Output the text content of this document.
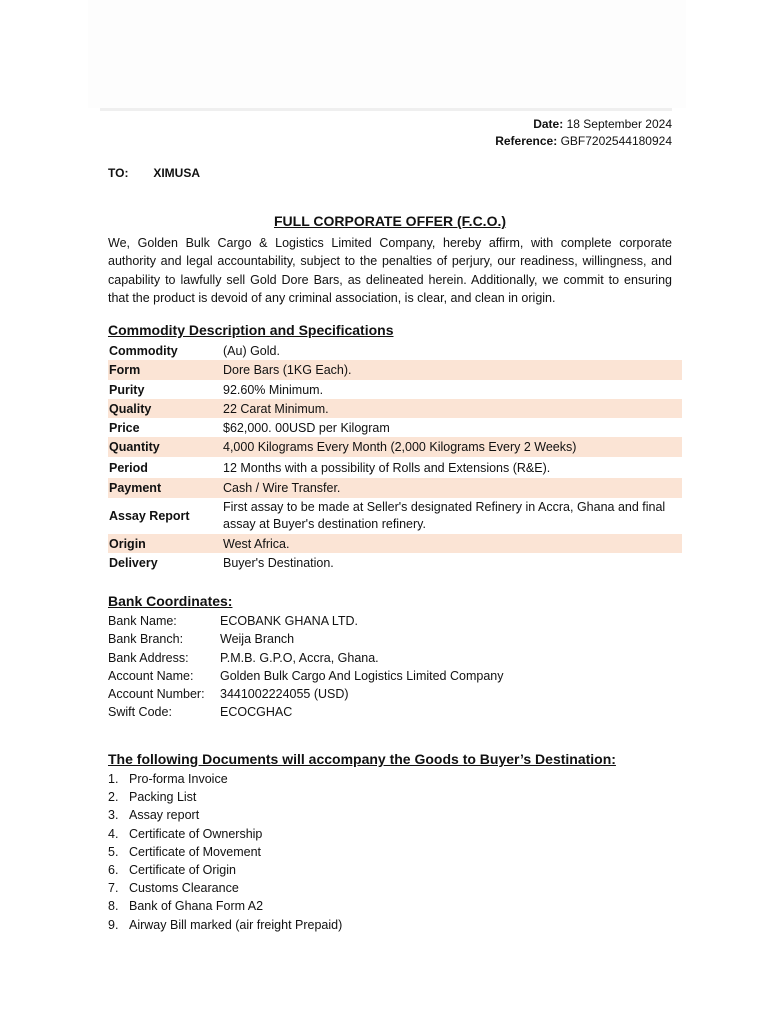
Date: 18 September 2024
Reference: GBF7202544180924
TO: XIMUSA
FULL CORPORATE OFFER (F.C.O.)
We, Golden Bulk Cargo & Logistics Limited Company, hereby affirm, with complete corporate authority and legal accountability, subject to the penalties of perjury, our readiness, willingness, and capability to lawfully sell Gold Dore Bars, as delineated herein. Additionally, we commit to ensuring that the product is devoid of any criminal association, is clear, and clean in origin.
Commodity Description and Specifications
Commodity	(Au) Gold.
Form	Dore Bars (1KG Each).
Purity	92.60% Minimum.
Quality	22 Carat Minimum.
Price	$62,000. 00USD per Kilogram
Quantity	4,000 Kilograms Every Month (2,000 Kilograms Every 2 Weeks)
Period	12 Months with a possibility of Rolls and Extensions (R&E).
Payment	Cash / Wire Transfer.
Assay Report	First assay to be made at Seller's designated Refinery in Accra, Ghana and final assay at Buyer's destination refinery.
Origin	West Africa.
Delivery	Buyer's Destination.
Bank Coordinates:
Bank Name:	ECOBANK GHANA LTD.
Bank Branch:	Weija Branch
Bank Address:	P.M.B. G.P.O, Accra, Ghana.
Account Name:	Golden Bulk Cargo And Logistics Limited Company
Account Number:	3441002224055 (USD)
Swift Code:	ECOCGHAC
The following Documents will accompany the Goods to Buyer’s Destination:
1. Pro-forma Invoice
2. Packing List
3. Assay report
4. Certificate of Ownership
5. Certificate of Movement
6. Certificate of Origin
7. Customs Clearance
8. Bank of Ghana Form A2
9. Airway Bill marked (air freight Prepaid)
